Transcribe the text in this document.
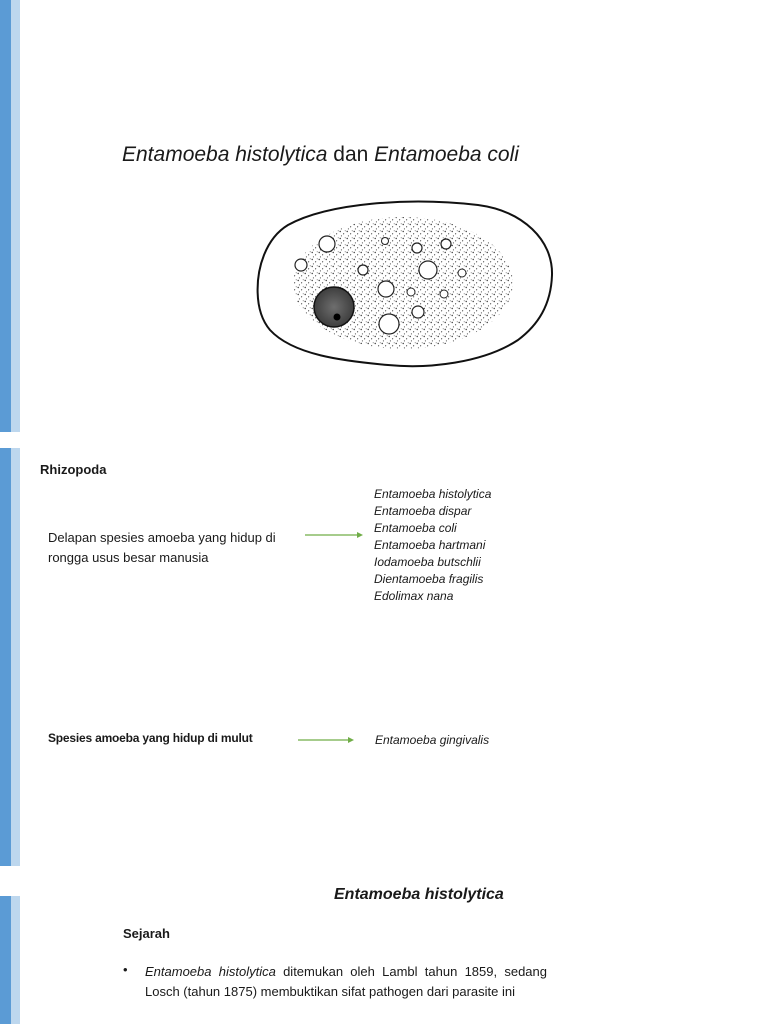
Entamoeba histolytica dan Entamoeba coli
Rhizopoda
Delapan spesies amoeba yang hidup di rongga usus besar manusia
Entamoeba histolytica
Entamoeba dispar
Entamoeba coli
Entamoeba hartmani
Iodamoeba butschlii
Dientamoeba fragilis
Edolimax nana
Spesies amoeba yang hidup di mulut	Entamoeba gingivalis
Entamoeba histolytica
Sejarah
• Entamoeba histolytica ditemukan oleh Lambl tahun 1859, sedang Losch (tahun 1875) membuktikan sifat pathogen dari parasite ini
